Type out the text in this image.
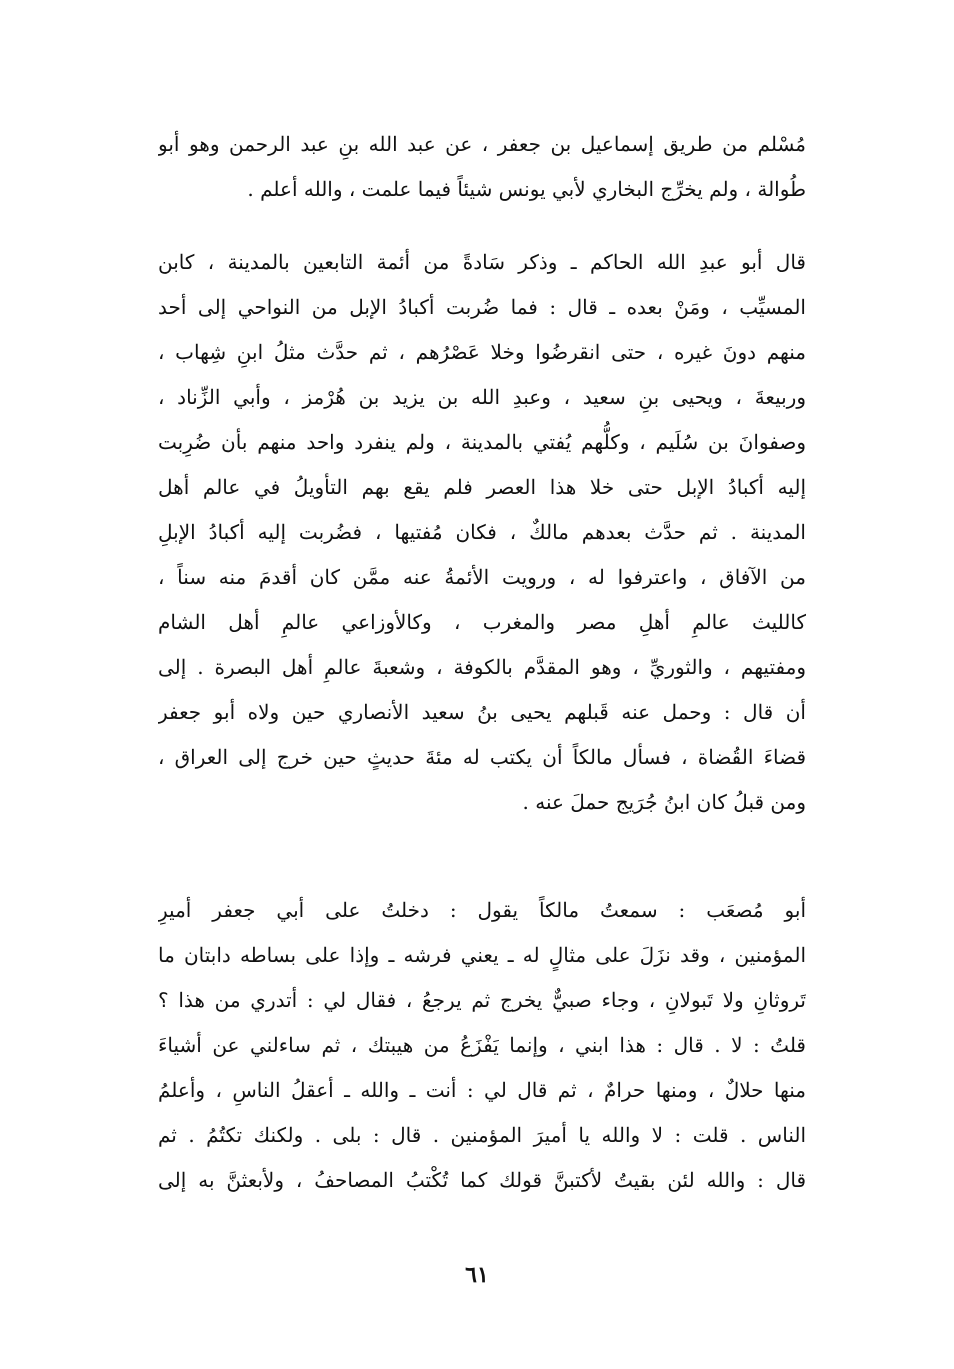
مُسْلم من طريق إسماعيل بن جعفر ، عن عبد الله بنِ عبد الرحمن وهو أبو
طُوالة ، ولم يخرِّج البخاري لأبي يونس شيئاً فيما علمت ، والله أعلم .
قال أبو عبدِ الله الحاكم ـ وذكر سَادةً من أئمة التابعين بالمدينة ، كابن
المسيِّب ، ومَنْ بعده ـ قال : فما ضُربت أكبادُ الإبل من النواحي إلى أحد
منهم دونَ غيره ، حتى انقرضُوا وخلا عَصْرُهم ، ثم حدَّث مثلُ ابنِ شِهاب ،
وربيعةَ ، ويحيى بنِ سعيد ، وعبدِ الله بن يزيد بن هُرْمز ، وأبي الزِّناد ،
وصفوانَ بن سُلَيم ، وكلُّهم يُفتي بالمدينة ، ولم ينفرد واحد منهم بأن ضُرِبت
إليه أكبادُ الإبل حتى خلا هذا العصر فلم يقع بهم التأويلُ في عالم أهل
المدينة . ثم حدَّث بعدهم مالكٌ ، فكان مُفتيها ، فضُربت إليه أكبادُ الإبلِ
من الآفاق ، واعترفوا له ، ورويت الأئمةُ عنه ممَّن كان أقدمَ منه سناً ،
كالليث عالمِ أهلِ مصر والمغرب ، وكالأوزاعي عالمِ أهل الشام
ومفتيهم ، والثوريِّ ، وهو المقدَّم بالكوفة ، وشعبةَ عالمِ أهل البصرة . إلى
أن قال : وحمل عنه قَبلهم يحيى بنُ سعيد الأنصاري حين ولاه أبو جعفر
قضاءَ القُضاة ، فسأل مالكاً أن يكتب له مئةَ حديثٍ حين خرج إلى العراق ،
ومن قبلُ كان ابنُ جُرَيج حملَ عنه .
أبو مُصعَب : سمعتُ مالكاً يقول : دخلتُ على أبي جعفر أميرِ
المؤمنين ، وقد نزَلَ على مثالٍ له ـ يعني فرشه ـ وإذا على بساطه دابتان ما
تَروثانِ ولا تَبولانِ ، وجاء صبيٌّ يخرج ثم يرجعُ ، فقال لي : أتدري من هذا ؟
قلتُ : لا . قال : هذا ابني ، وإنما يَفْزَعُ من هيبتك ، ثم ساءلني عن أشياءَ
منها حلالٌ ، ومنها حرامٌ ، ثم قال لي : أنت ـ والله ـ أعقلُ الناسِ ، وأعلمُ
الناس . قلت : لا والله يا أميرَ المؤمنين . قال : بلى . ولكنك تكتُمُ . ثم
قال : والله لئن بقيتُ لأكتبنَّ قولك كما تُكْتبُ المصاحفُ ، ولأبعثنَّ به إلى
٦١
